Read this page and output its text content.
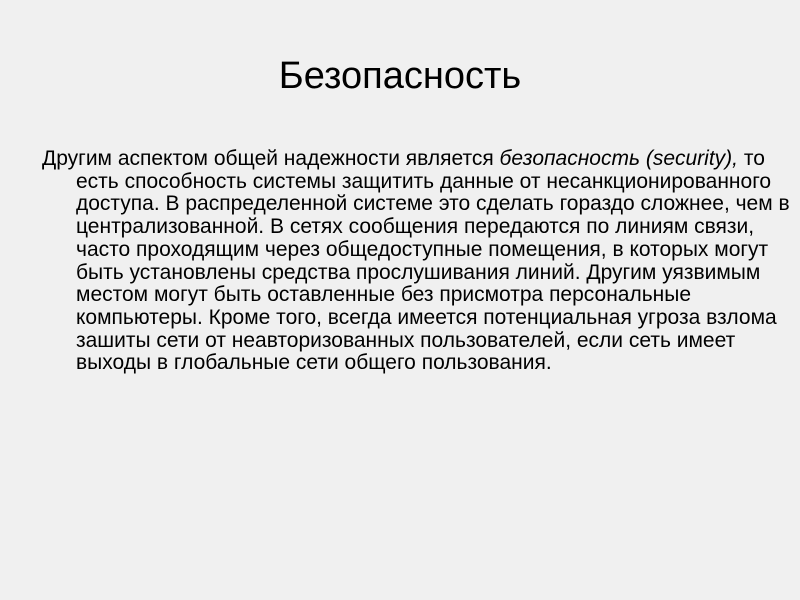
Безопасность

Другим аспектом общей надежности является безопасность (security), то есть способность системы защитить данные от несанкционированного доступа. В распределенной системе это сделать гораздо сложнее, чем в централизованной. В сетях сообщения передаются по линиям связи, часто проходящим через общедоступные помещения, в которых могут быть установлены средства прослушивания линий. Другим уязвимым местом могут быть оставленные без присмотра персональные компьютеры. Кроме того, всегда имеется потенциальная угроза взлома зашиты сети от неавторизованных пользователей, если сеть имеет выходы в глобальные сети общего пользования.
